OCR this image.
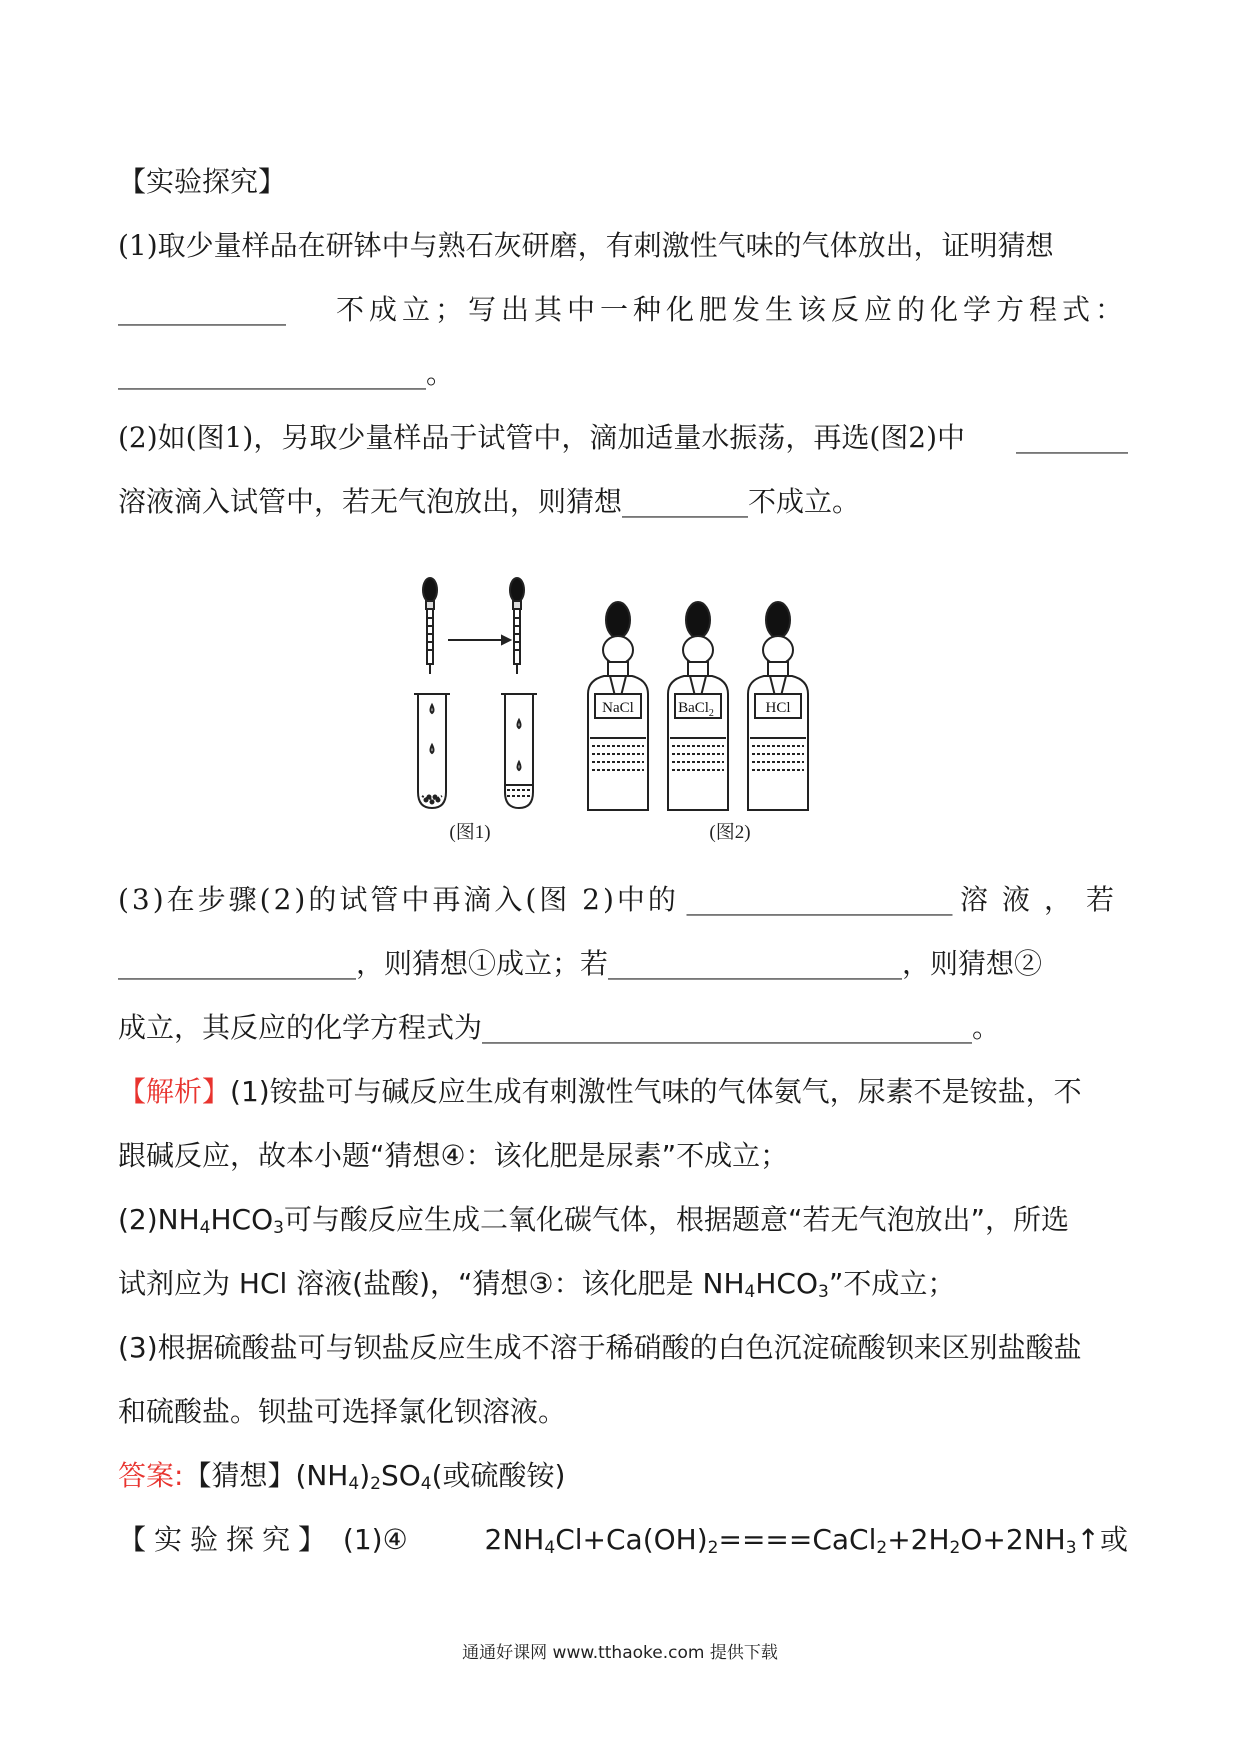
【实验探究】
(1)取少量样品在研钵中与熟石灰研磨，有刺激性气味的气体放出，证明猜想
____________ 不成立；写出其中一种化肥发生该反应的化学方程式：
______________________。
(2)如(图1)，另取少量样品于试管中，滴加适量水振荡，再选(图2)中 ________
溶液滴入试管中，若无气泡放出，则猜想_________不成立。
(图1)
NaCl	BaCl$_2$	HCl
(图2)
(3)在步骤(2)的试管中再滴入(图 2)中的 ___________________ 溶液，若
_________________，则猜想①成立；若_____________________，则猜想②
成立，其反应的化学方程式为___________________________________。
【解析】(1)铵盐可与碱反应生成有刺激性气味的气体氨气，尿素不是铵盐，不
跟碱反应，故本小题“猜想④：该化肥是尿素”不成立；
$(2)NH_4HCO_3$可与酸反应生成二氧化碳气体，根据题意“若无气泡放出”，所选
试剂应为 HCl 溶液(盐酸)，“猜想③：该化肥是 $NH_4HCO_3$”不成立；
(3)根据硫酸盐可与钡盐反应生成不溶于稀硝酸的白色沉淀硫酸钡来区别盐酸盐
和硫酸盐。钡盐可选择氯化钡溶液。
答案:【猜想】$(NH_4)_2SO_4$(或硫酸铵)
【实验探究】 (1)④	$2NH_4Cl+Ca(OH)_2====CaCl_2+2H_2O+2NH_3↑$或
通通好课网 www.tthaoke.com 提供下载
